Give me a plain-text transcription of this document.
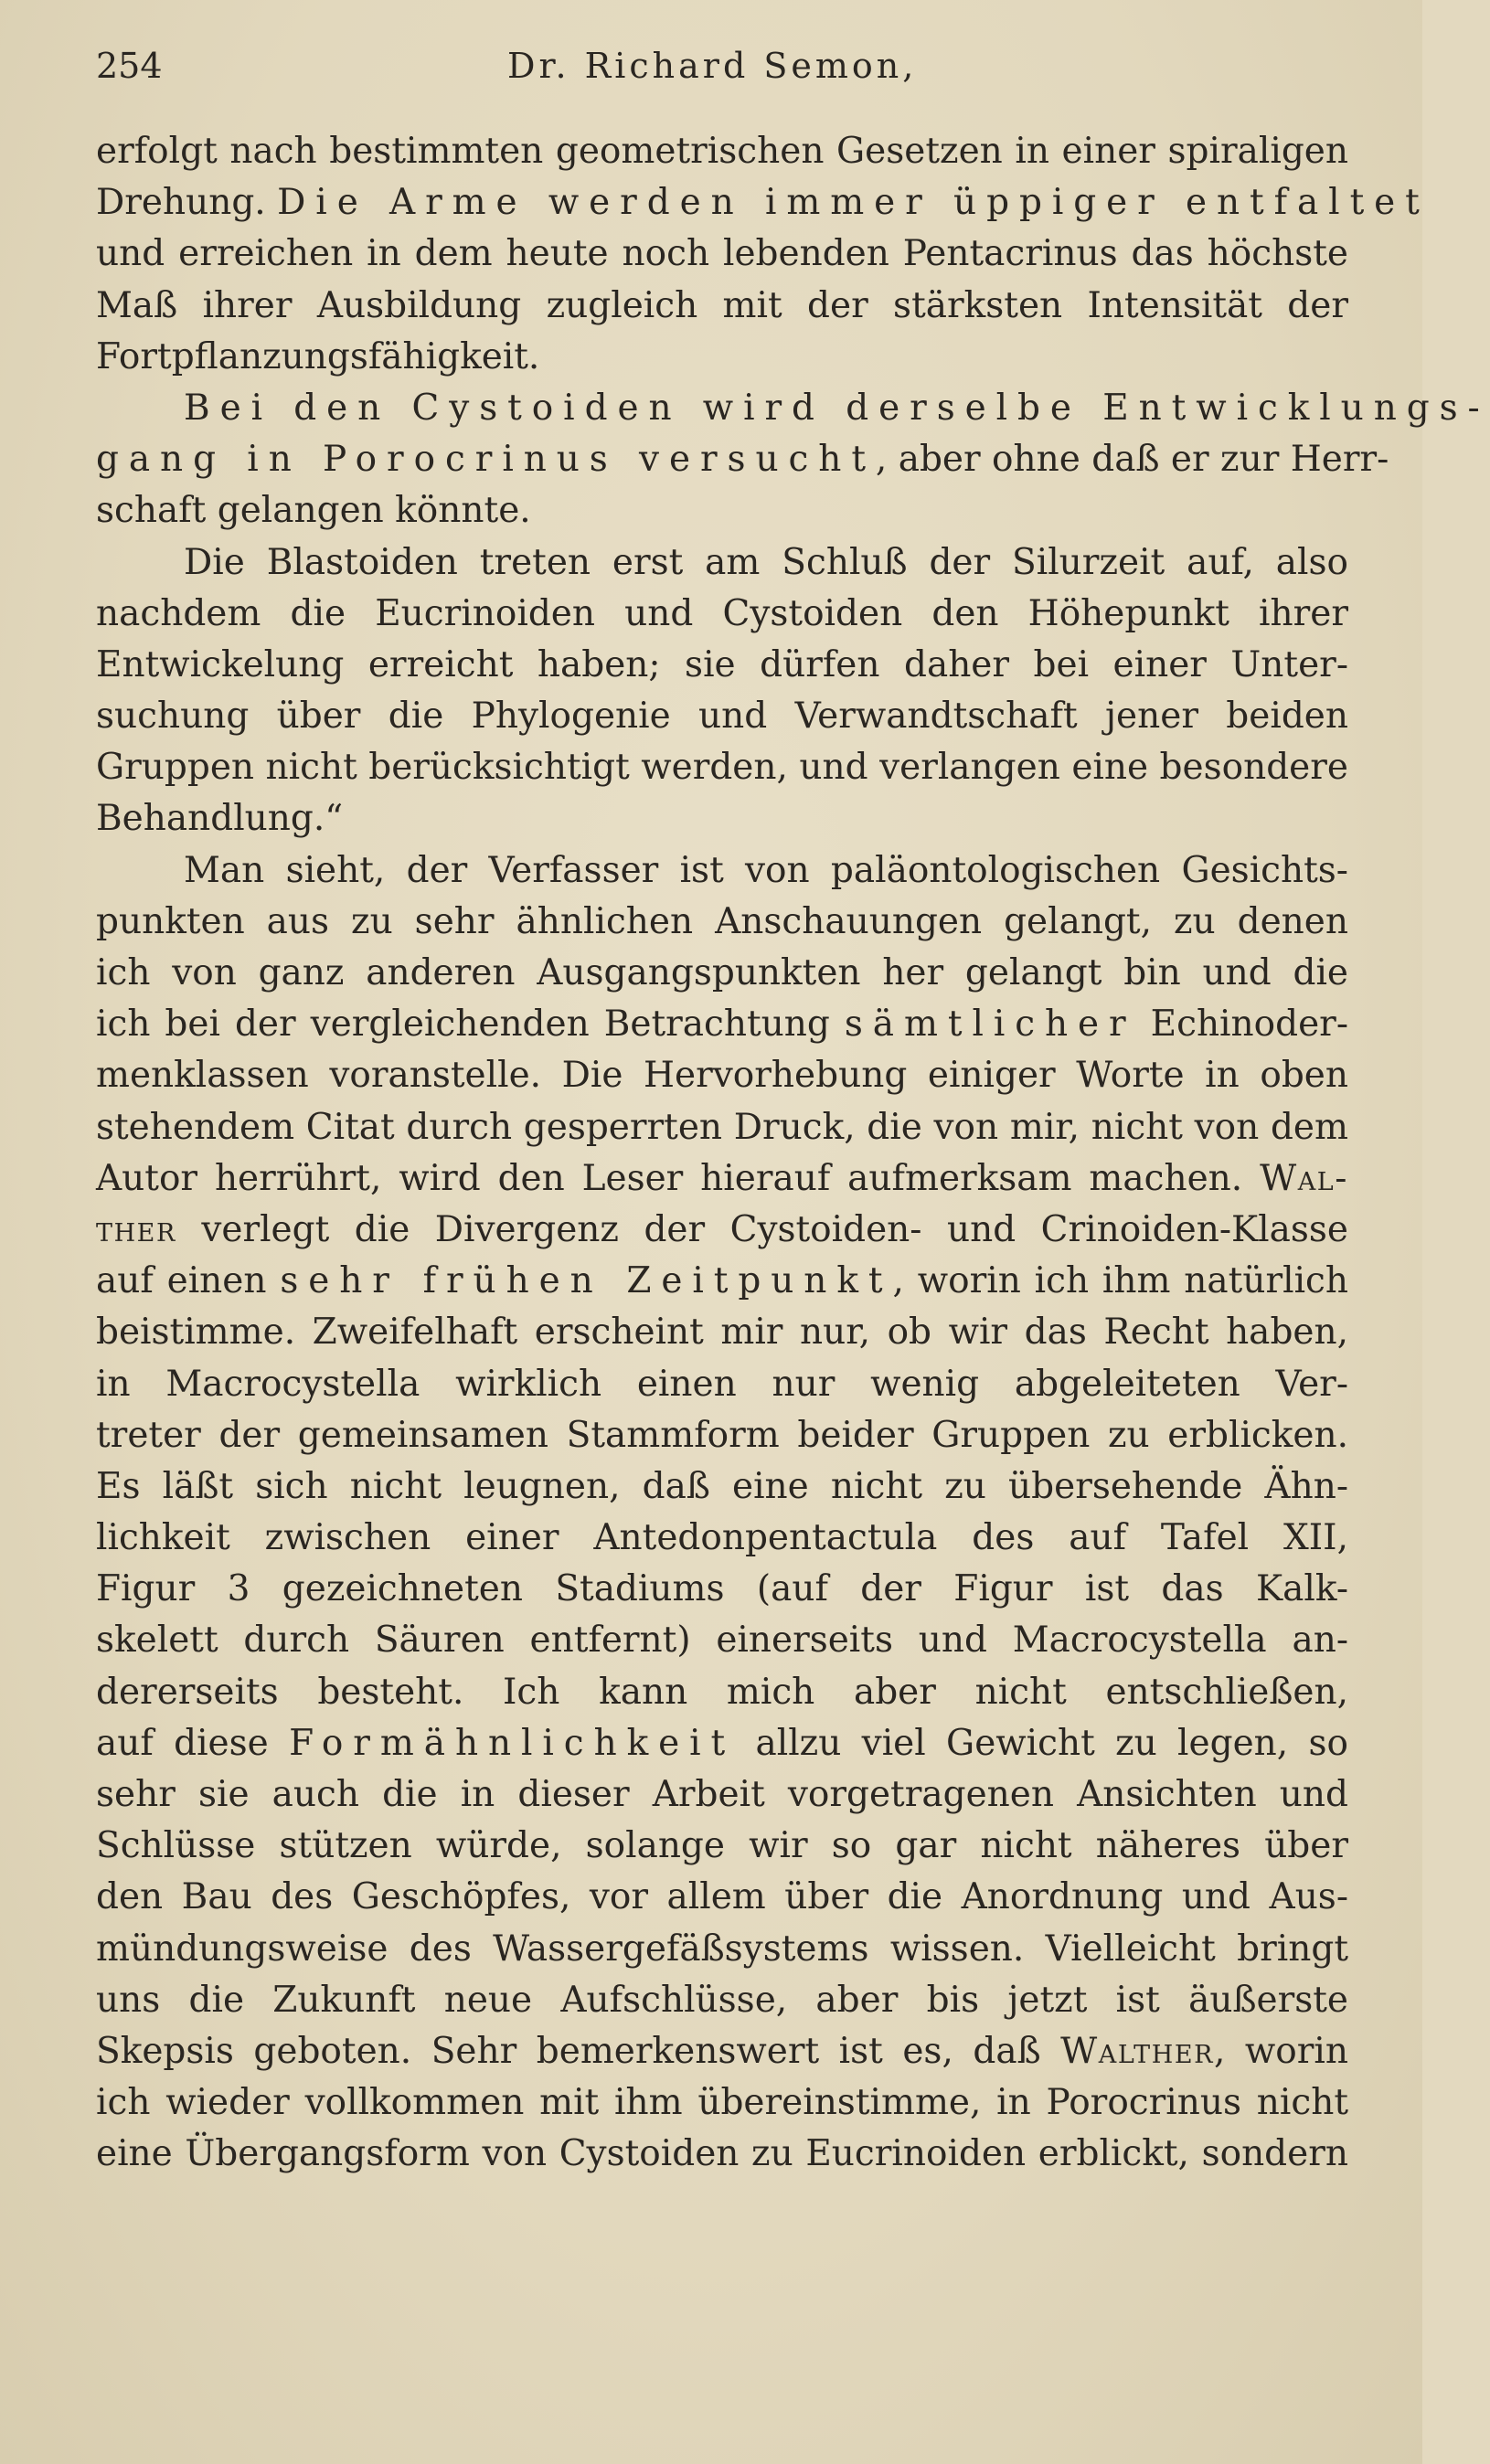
254	Dr. Richard Semon,
erfolgt nach bestimmten geometrischen Gesetzen in einer spiraligen
Drehung. Die Arme werden immer üppiger entfaltet
und erreichen in dem heute noch lebenden Pentacrinus das höchste
Maß ihrer Ausbildung zugleich mit der stärksten Intensität der
Fortpflanzungsfähigkeit.
Bei den Cystoiden wird derselbe Entwicklungs-
gang in Porocrinus versucht, aber ohne daß er zur Herr-
schaft gelangen könnte.
Die Blastoiden treten erst am Schluß der Silurzeit auf, also
nachdem die Eucrinoiden und Cystoiden den Höhepunkt ihrer
Entwickelung erreicht haben; sie dürfen daher bei einer Unter-
suchung über die Phylogenie und Verwandtschaft jener beiden
Gruppen nicht berücksichtigt werden, und verlangen eine besondere
Behandlung.“
Man sieht, der Verfasser ist von paläontologischen Gesichts-
punkten aus zu sehr ähnlichen Anschauungen gelangt, zu denen
ich von ganz anderen Ausgangspunkten her gelangt bin und die
ich bei der vergleichenden Betrachtung sämtlicher Echinoder-
menklassen voranstelle. Die Hervorhebung einiger Worte in oben
stehendem Citat durch gesperrten Druck, die von mir, nicht von dem
Autor herrührt, wird den Leser hierauf aufmerksam machen. Wal-
ther verlegt die Divergenz der Cystoiden- und Crinoiden-Klasse
auf einen sehr frühen Zeitpunkt, worin ich ihm natürlich
beistimme. Zweifelhaft erscheint mir nur, ob wir das Recht haben,
in Macrocystella wirklich einen nur wenig abgeleiteten Ver-
treter der gemeinsamen Stammform beider Gruppen zu erblicken.
Es läßt sich nicht leugnen, daß eine nicht zu übersehende Ähn-
lichkeit zwischen einer Antedonpentactula des auf Tafel XII,
Figur 3 gezeichneten Stadiums (auf der Figur ist das Kalk-
skelett durch Säuren entfernt) einerseits und Macrocystella an-
dererseits besteht. Ich kann mich aber nicht entschließen,
auf diese Formähnlichkeit allzu viel Gewicht zu legen, so
sehr sie auch die in dieser Arbeit vorgetragenen Ansichten und
Schlüsse stützen würde, solange wir so gar nicht näheres über
den Bau des Geschöpfes, vor allem über die Anordnung und Aus-
mündungsweise des Wassergefäßsystems wissen. Vielleicht bringt
uns die Zukunft neue Aufschlüsse, aber bis jetzt ist äußerste
Skepsis geboten. Sehr bemerkenswert ist es, daß Walther, worin
ich wieder vollkommen mit ihm übereinstimme, in Porocrinus nicht
eine Übergangsform von Cystoiden zu Eucrinoiden erblickt, sondern
